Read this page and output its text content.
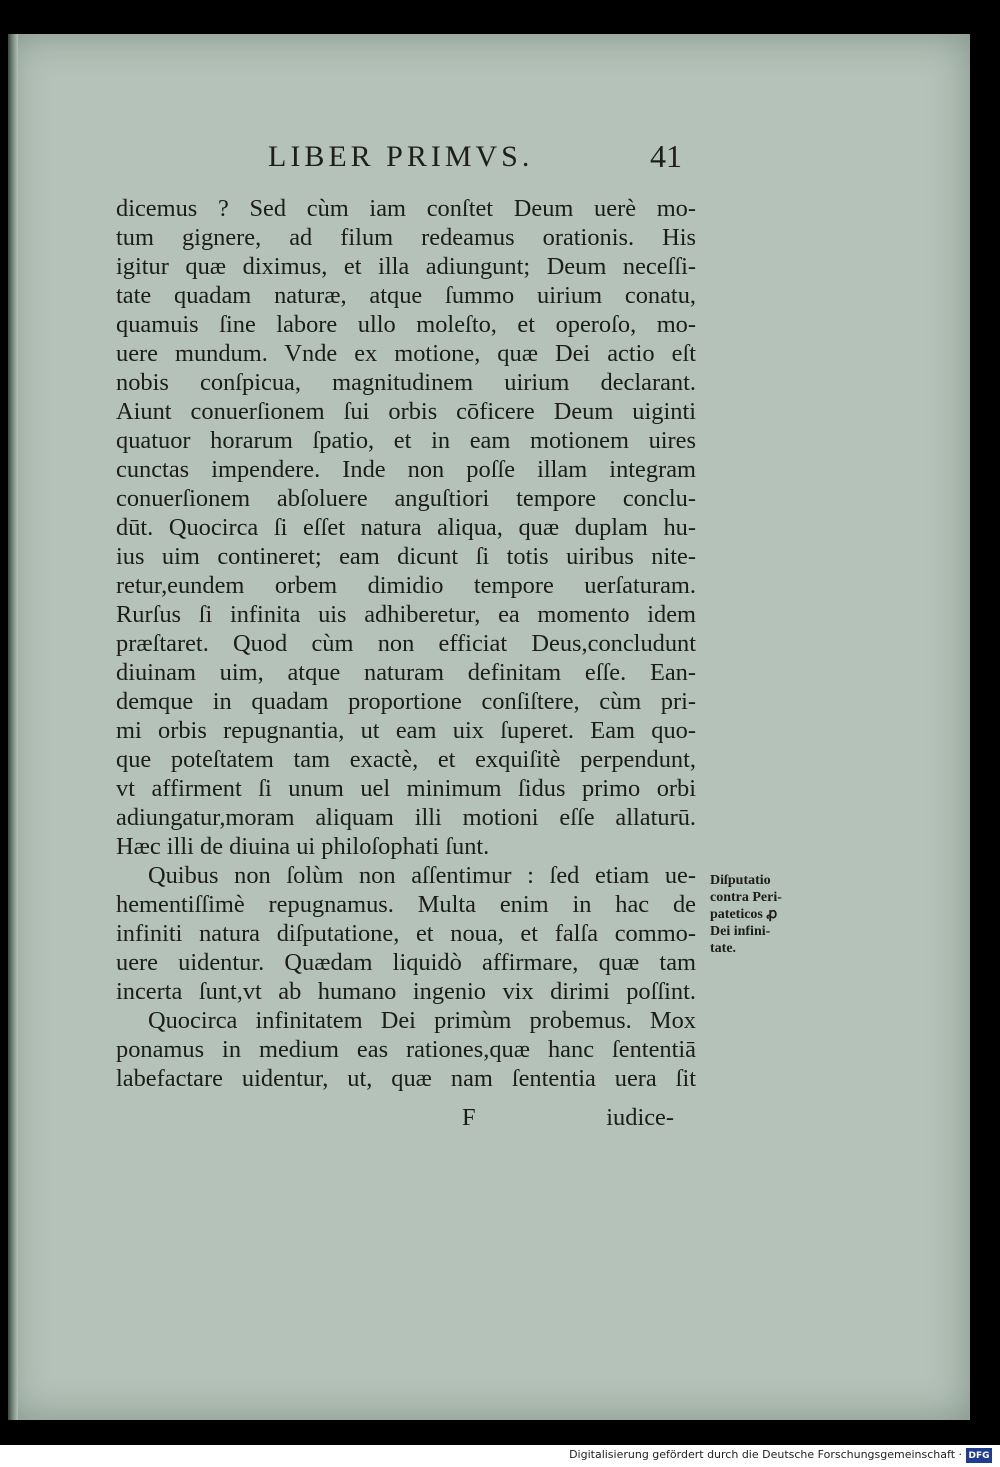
LIBER PRIMVS.	41
dicemus ? Sed cùm iam conſtet Deum uerè mo-
tum gignere, ad filum redeamus orationis. His
igitur quæ diximus, et illa adiungunt; Deum neceſſi-
tate quadam naturæ, atque ſummo uirium conatu,
quamuis ſine labore ullo moleſto, et operoſo, mo-
uere mundum. Vnde ex motione, quæ Dei actio eſt
nobis conſpicua, magnitudinem uirium declarant.
Aiunt conuerſionem ſui orbis cōficere Deum uiginti
quatuor horarum ſpatio, et in eam motionem uires
cunctas impendere. Inde non poſſe illam integram
conuerſionem abſoluere anguſtiori tempore conclu-
dūt. Quocirca ſi eſſet natura aliqua, quæ duplam hu-
ius uim contineret; eam dicunt ſi totis uiribus nite-
retur,eundem orbem dimidio tempore uerſaturam.
Rurſus ſi infinita uis adhiberetur, ea momento idem
præſtaret. Quod cùm non efficiat Deus,concludunt
diuinam uim, atque naturam definitam eſſe. Ean-
demque in quadam proportione conſiſtere, cùm pri-
mi orbis repugnantia, ut eam uix ſuperet. Eam quo-
que poteſtatem tam exactè, et exquiſitè perpendunt,
vt affirment ſi unum uel minimum ſidus primo orbi
adiungatur,moram aliquam illi motioni eſſe allaturū.
Hæc illi de diuina ui philoſophati ſunt.
Quibus non ſolùm non aſſentimur : ſed etiam ue-
hementiſſimè repugnamus. Multa enim in hac de
infiniti natura diſputatione, et noua, et falſa commo-
uere uidentur. Quædam liquidò affirmare, quæ tam
incerta ſunt,vt ab humano ingenio vix dirimi poſſint.
Quocirca infinitatem Dei primùm probemus. Mox
ponamus in medium eas rationes,quæ hanc ſententiā
labefactare uidentur, ut, quæ nam ſententia uera ſit
F	iudice-
Diſputatio
contra Peri-
pateticos ꝓ
Dei infini-
tate.
Digitalisierung gefördert durch die Deutsche Forschungsgemeinschaft · DFG
